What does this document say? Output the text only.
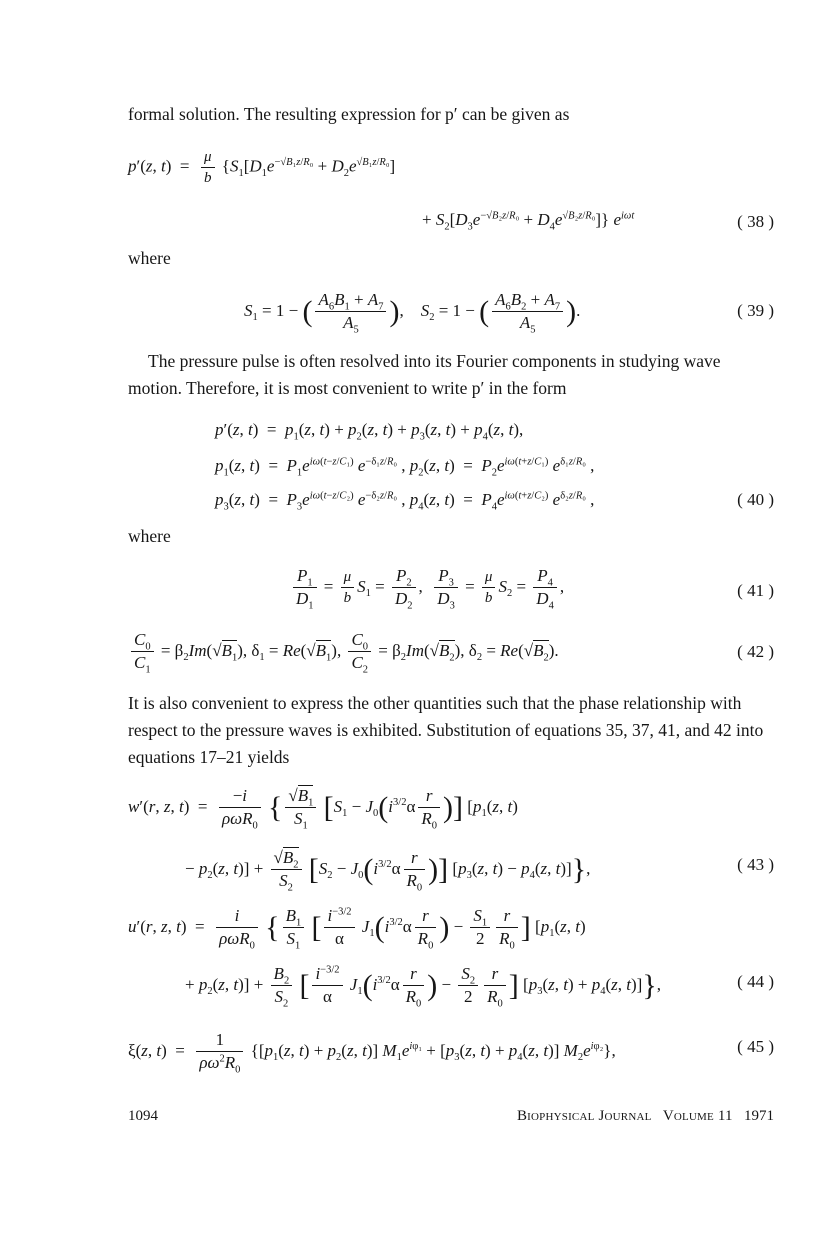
formal solution. The resulting expression for p′ can be given as
p′(z, $t) = \frac{\mu}{b} \{S_1[D_1e^{-√B_1z/R_0} + D_2e^{√B_1z/R_0}]$
+ $S_2[D_3e^{-√B_2z/R_0} + D_4e^{√B_2z/R_0}]$} $e^{i\omega t}$	( 38 )
where
$S_1 = 1$ − ( $\frac{A_6B_1 + A_7}{A_5}$ ),    $S_2 = 1$ − ( $\frac{A_6B_2 + A_7}{A_5}$ ).	( 39 )
The pressure pulse is often resolved into its Fourier components in studying wave motion. Therefore, it is most convenient to write p′ in the form
p′(z, $t) = p_1(z$, $t) + p_2(z$, $t) + p_3(z$, $t) + p_4(z$, t),
$p_1(z$, $t) = P_1e^{i\omega(t-z/C_1)}$ $e^{-\delta_1z/R_0}$ , $p_2(z$, $t) = P_2e^{i\omega(t+z/C_1)}$ $e^{\delta_1z/R_0}$ ,
$p_3(z$, $t) = P_3e^{i\omega(t-z/C_2)}$ $e^{-\delta_2z/R_0}$ , $p_4(z$, $t) = P_4e^{i\omega(t+z/C_2)}$ $e^{\delta_2z/R_0}$ ,	( 40 )
where
$\frac{P_1}{D_1} = \frac{\mu}{b} S_1 = \frac{P_2}{D_2}$ , $\frac{P_3}{D_3} = \frac{\mu}{b} S_2 = \frac{P_4}{D_4}$ ,	( 41 )
$\frac{C_0}{C_1} = \beta_2Im(√B_1)$, $\delta_1 = Re(√B_1)$, $\frac{C_0}{C_2} = \beta_2Im(√B_2)$, $\delta_2 = Re(√B_2)$.	( 42 )
It is also convenient to express the other quantities such that the phase relationship with respect to the pressure waves is exhibited. Substitution of equations 35, 37, 41, and 42 into equations 17–21 yields
w′(r, z, $t) = \frac{-i}{\rho\omega R_0}$ { $\frac{√B_1}{S_1} [S_1 - J_0(i^{3/2}\alpha \frac{r}{R_0}$ )] [$p_1(z$, t)
− $p_2(z$, $t)] + \frac{√B_2}{S_2} [S_2 - J_0(i^{3/2}\alpha \frac{r}{R_0}$ )] [$p_3(z$, $t) - p_4(z$, t)]},	( 43 )
u′(r, z, $t) = \frac{i}{\rho\omega R_0}$ { $\frac{B_1}{S_1}$ [ $\frac{i^{-3/2}}{\alpha} J_1(i^{3/2}\alpha \frac{r}{R_0}$ ) − $\frac{S_1}{2} \frac{r}{R_0}$ ] [$p_1(z$, t)
+ $p_2(z$, $t)] + \frac{B_2}{S_2}$ [ $\frac{i^{-3/2}}{\alpha} J_1(i^{3/2}\alpha \frac{r}{R_0}$ ) − $\frac{S_2}{2} \frac{r}{R_0}$ ] [$p_3(z$, $t) + p_4(z$, t)]},	( 44 )
ξ(z, $t) = \frac{1}{\rho\omega^2R_0} \{[p_1(z$, $t) + p_2(z$, t)] $M_1e^{i\varphi_1} + [p_3(z$, $t) + p_4(z$, t)] $M_2e^{i\varphi_2}$},	( 45 )
1094	Biophysical Journal Volume 11 1971
